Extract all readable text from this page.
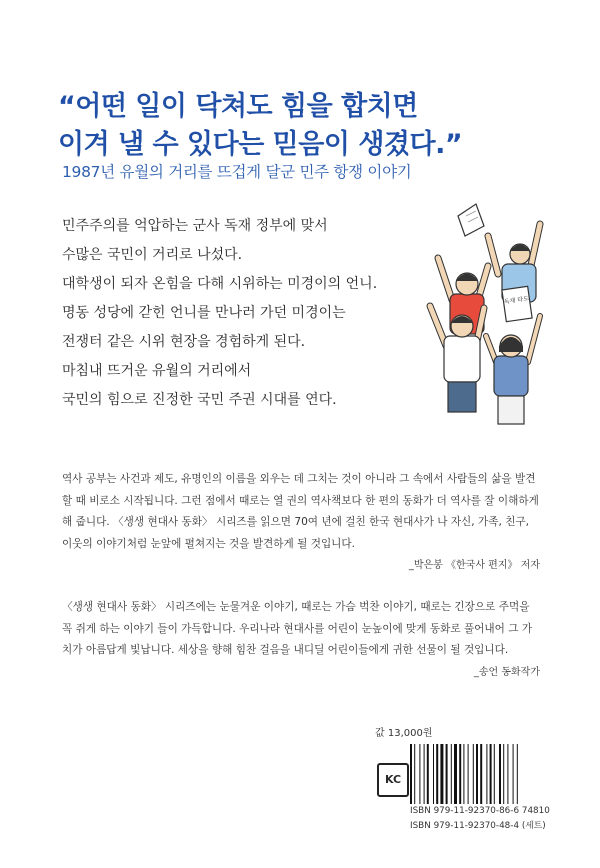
“어떤 일이 닥쳐도 힘을 합치면
이겨 낼 수 있다는 믿음이 생겼다.”
1987년 유월의 거리를 뜨겁게 달군 민주 항쟁 이야기
민주주의를 억압하는 군사 독재 정부에 맞서
수많은 국민이 거리로 나섰다.
대학생이 되자 온힘을 다해 시위하는 미경이의 언니.
명동 성당에 갇힌 언니를 만나러 가던 미경이는
전쟁터 같은 시위 현장을 경험하게 된다.
마침내 뜨거운 유월의 거리에서
국민의 힘으로 진정한 국민 주권 시대를 연다.
독재 타도

역사 공부는 사건과 제도, 유명인의 이름을 외우는 데 그치는 것이 아니라 그 속에서 사람들의 삶을 발견할 때 비로소 시작됩니다. 그런 점에서 때로는 열 권의 역사책보다 한 편의 동화가 더 역사를 잘 이해하게 해 줍니다. 〈생생 현대사 동화〉 시리즈를 읽으면 70여 년에 걸친 한국 현대사가 나 자신, 가족, 친구, 이웃의 이야기처럼 눈앞에 펼쳐지는 것을 발견하게 될 것입니다.

_박은봉 《한국사 편지》 저자

〈생생 현대사 동화〉 시리즈에는 눈물겨운 이야기, 때로는 가슴 벅찬 이야기, 때로는 긴장으로 주먹을 꼭 쥐게 하는 이야기 들이 가득합니다. 우리나라 현대사를 어린이 눈높이에 맞게 동화로 풀어내어 그 가치가 아름답게 빛납니다. 세상을 향해 힘찬 걸음을 내디딜 어린이들에게 귀한 선물이 될 것입니다.

_송언 동화작가
값 13,000원
KC
ISBN 979-11-92370-86-6 74810
ISBN 979-11-92370-48-4 (세트)
